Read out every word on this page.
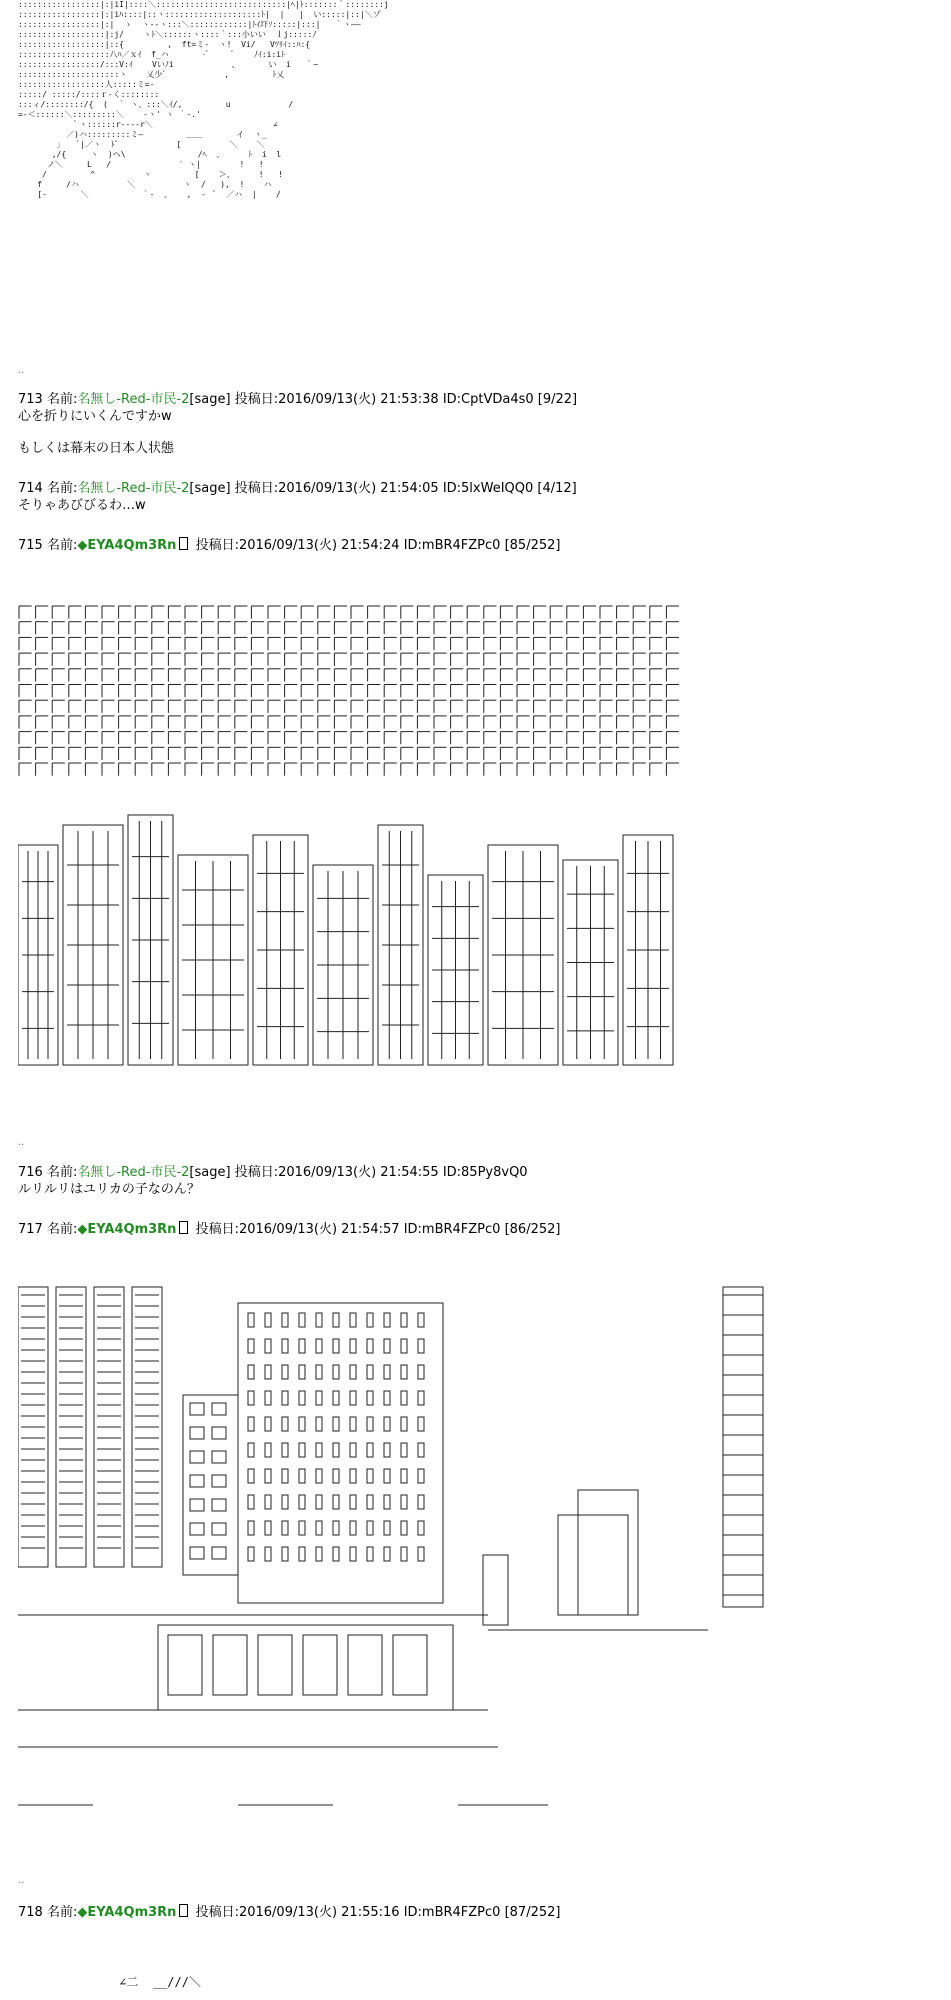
:::::::::::::::::|:|iI|::::＼:::::::::::::::::::::::::::|ﾍ|ﾄ:::::::｀::::::::j
:::::::::::::::::|:|iﾊ::::|::ヽ::::::::::::::::::::ﾄ|  |   |  い:::::|::|＼ゾ
:::::::::::::::::|:|  ゝ  ヽ-‐ヽ:::＼::::::::::::|ﾄｲ圷ｿ:::::|:::|   ｀ヽ――
::::::::::::::::::|:j/    ヽﾄ＼::::::ヽ::::｀:::小いい  ｌj:::::ﾉ
::::::::::::::::::|::{         ,  ft=ミ-  ヽ!  Vi/   Vﾂﾘｲ::ﾊ:{
:::::::::::::::::::八ﾊ／ｘｲ  f_ハ       -ﾞ     ﾞ    ﾉｲ:i:iﾄ
:::::::::::::::::/:::V:ｲ    Vいﾉi            、      い  i   ｀~
:::::::::::::::::::::ヽ    乂少ﾞ            ,         ﾄ乂
::::::::::::::::::人:::::ミ=‐
:::::/ :::::/::::ｒ‐く::::::::
:::ィ/::::::::/{  (  ｀ ヽ、:::＼ｲ/,         u            /
=‐＜::::::＼:::::::::＼    ‐ヽ' ヽ ｀-.'
｀ヽ::::::r‐‐‐‐r＼                         ∠
／)ハ:::::::::ミ―         ＿＿       イ  ヽ_
」   ﾞ|／ヽ  ﾄﾞ            [          ＼    ＼
,/{     ヽ  )ヘ\               /ﾍ  、     ﾄ  i  l
ノ＼     L   /              ′ ヽ|        !   !
/         ^          ヽ         [    ＞、     !   !
f     /ハ          ＼          ヽ  /   ),  !    ハ
[‐       ＼           ｀‐  、   ,  ‐  ﾞ  ／ハ  |    /
..
713 名前:名無し-Red-市民-2[sage] 投稿日:2016/09/13(火) 21:53:38 ID:CptVDa4s0 [9/22]
心を折りにいくんですかw
もしくは幕末の日本人状態
714 名前:名無し-Red-市民-2[sage] 投稿日:2016/09/13(火) 21:54:05 ID:5lxWeIQQ0 [4/12]
そりゃあびびるわ…w
715 名前:◆EYA4Qm3Rn 投稿日:2016/09/13(火) 21:54:24 ID:mBR4FZPc0 [85/252]
..
716 名前:名無し-Red-市民-2[sage] 投稿日:2016/09/13(火) 21:54:55 ID:85Py8vQ0
ルリルリはユリカの子なのん？
717 名前:◆EYA4Qm3Rn 投稿日:2016/09/13(火) 21:54:57 ID:mBR4FZPc0 [86/252]
..
718 名前:◆EYA4Qm3Rn 投稿日:2016/09/13(火) 21:55:16 ID:mBR4FZPc0 [87/252]
∠二  __///＼
